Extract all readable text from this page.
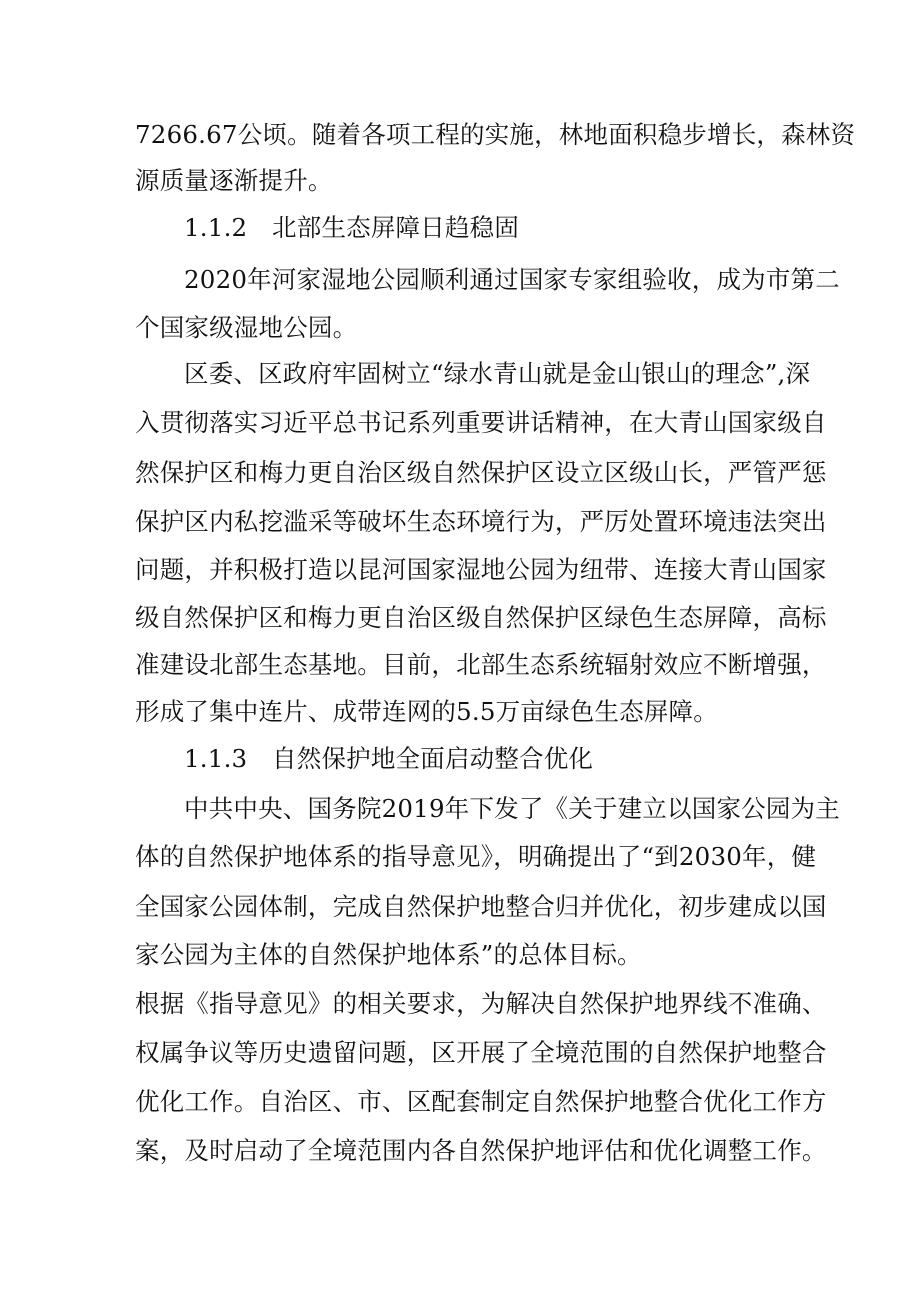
7266.67公顷。随着各项工程的实施，林地面积稳步增长，森林资
源质量逐渐提升。
1.1.2　北部生态屏障日趋稳固
2020年河家湿地公园顺利通过国家专家组验收，成为市第二
个国家级湿地公园。
区委、区政府牢固树立“绿水青山就是金山银山的理念”,深
入贯彻落实习近平总书记系列重要讲话精神，在大青山国家级自
然保护区和梅力更自治区级自然保护区设立区级山长，严管严惩
保护区内私挖滥采等破坏生态环境行为，严厉处置环境违法突出
问题，并积极打造以昆河国家湿地公园为纽带、连接大青山国家
级自然保护区和梅力更自治区级自然保护区绿色生态屏障，高标
准建设北部生态基地。目前，北部生态系统辐射效应不断增强，
形成了集中连片、成带连网的5.5万亩绿色生态屏障。
1.1.3　自然保护地全面启动整合优化
中共中央、国务院2019年下发了《关于建立以国家公园为主
体的自然保护地体系的指导意见》，明确提出了“到2030年，健
全国家公园体制，完成自然保护地整合归并优化，初步建成以国
家公园为主体的自然保护地体系”的总体目标。
根据《指导意见》的相关要求，为解决自然保护地界线不准确、
权属争议等历史遗留问题，区开展了全境范围的自然保护地整合
优化工作。自治区、市、区配套制定自然保护地整合优化工作方
案，及时启动了全境范围内各自然保护地评估和优化调整工作。
